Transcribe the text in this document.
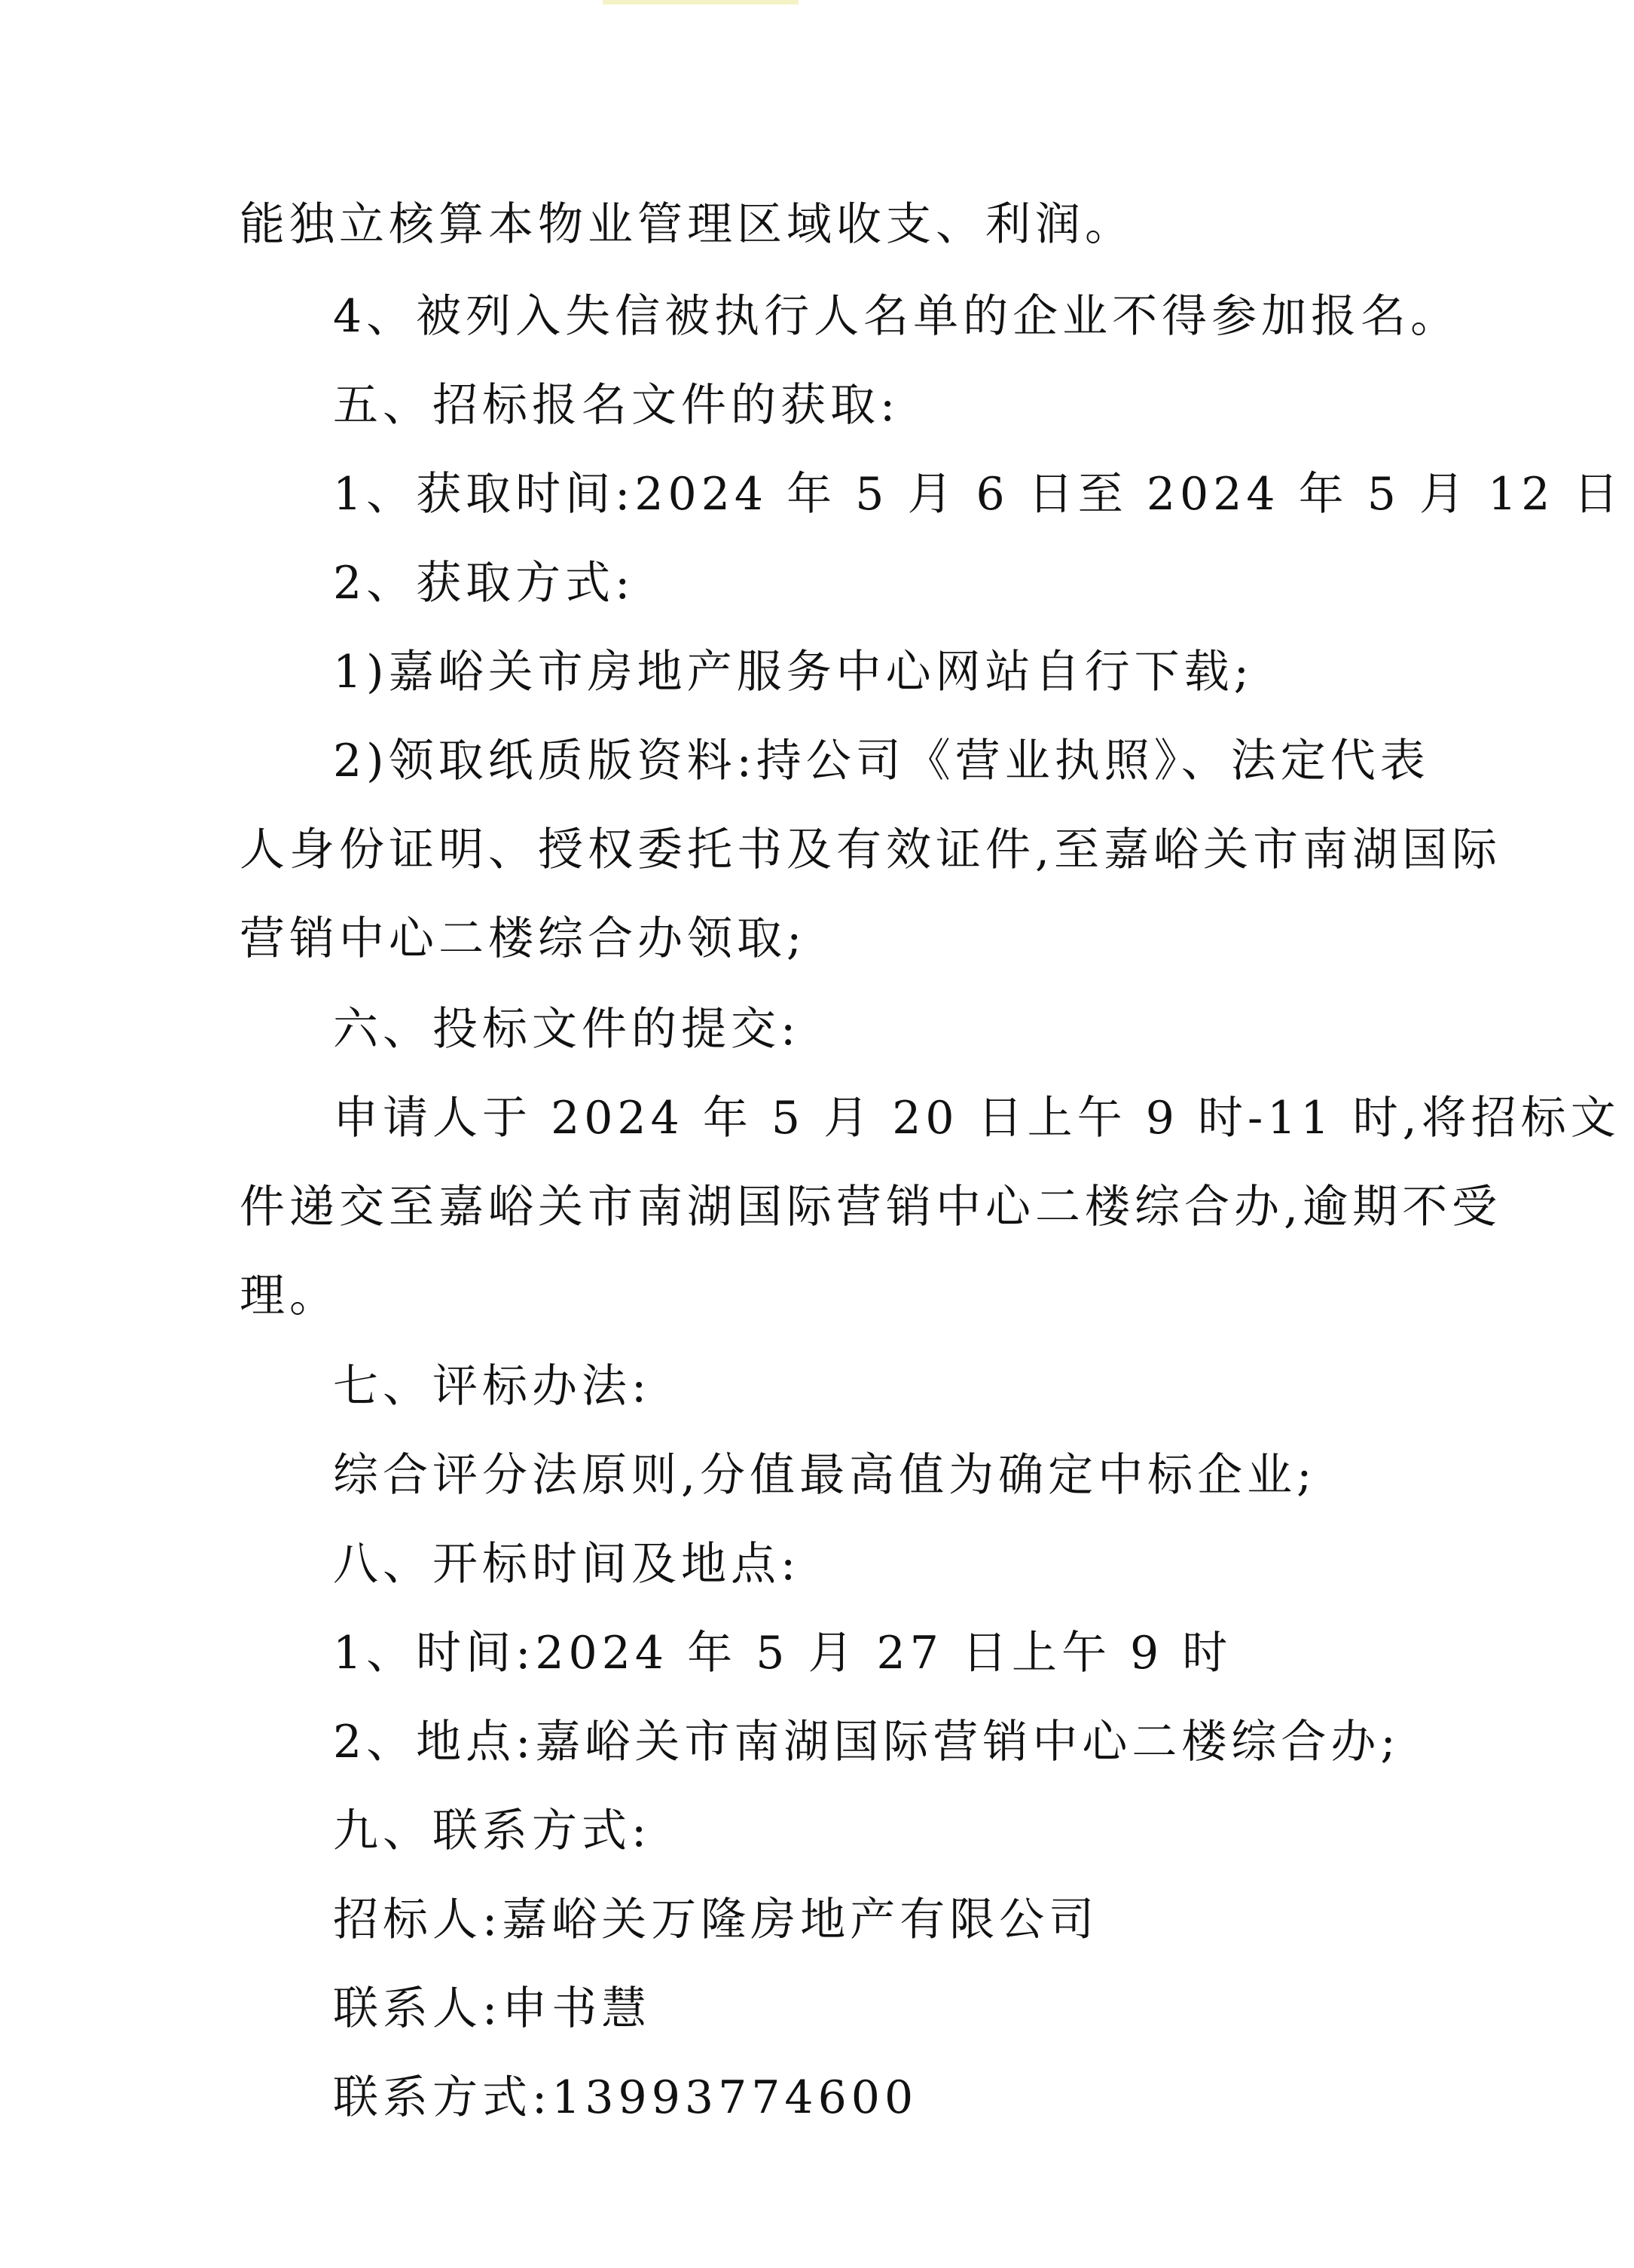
能独立核算本物业管理区域收支、利润。
4、被列入失信被执行人名单的企业不得参加报名。
五、招标报名文件的获取:
1、获取时间:2024 年 5 月 6 日至 2024 年 5 月 12 日
2、获取方式:
1)嘉峪关市房地产服务中心网站自行下载;
2)领取纸质版资料:持公司《营业执照》、法定代表
人身份证明、授权委托书及有效证件,至嘉峪关市南湖国际
营销中心二楼综合办领取;
六、投标文件的提交:
申请人于 2024 年 5 月 20 日上午 9 时-11 时,将招标文
件递交至嘉峪关市南湖国际营销中心二楼综合办,逾期不受
理。
七、评标办法:
综合评分法原则,分值最高值为确定中标企业;
八、开标时间及地点:
1、时间:2024 年 5 月 27 日上午 9 时
2、地点:嘉峪关市南湖国际营销中心二楼综合办;
九、联系方式:
招标人:嘉峪关万隆房地产有限公司
联系人:申书慧
联系方式:13993774600
